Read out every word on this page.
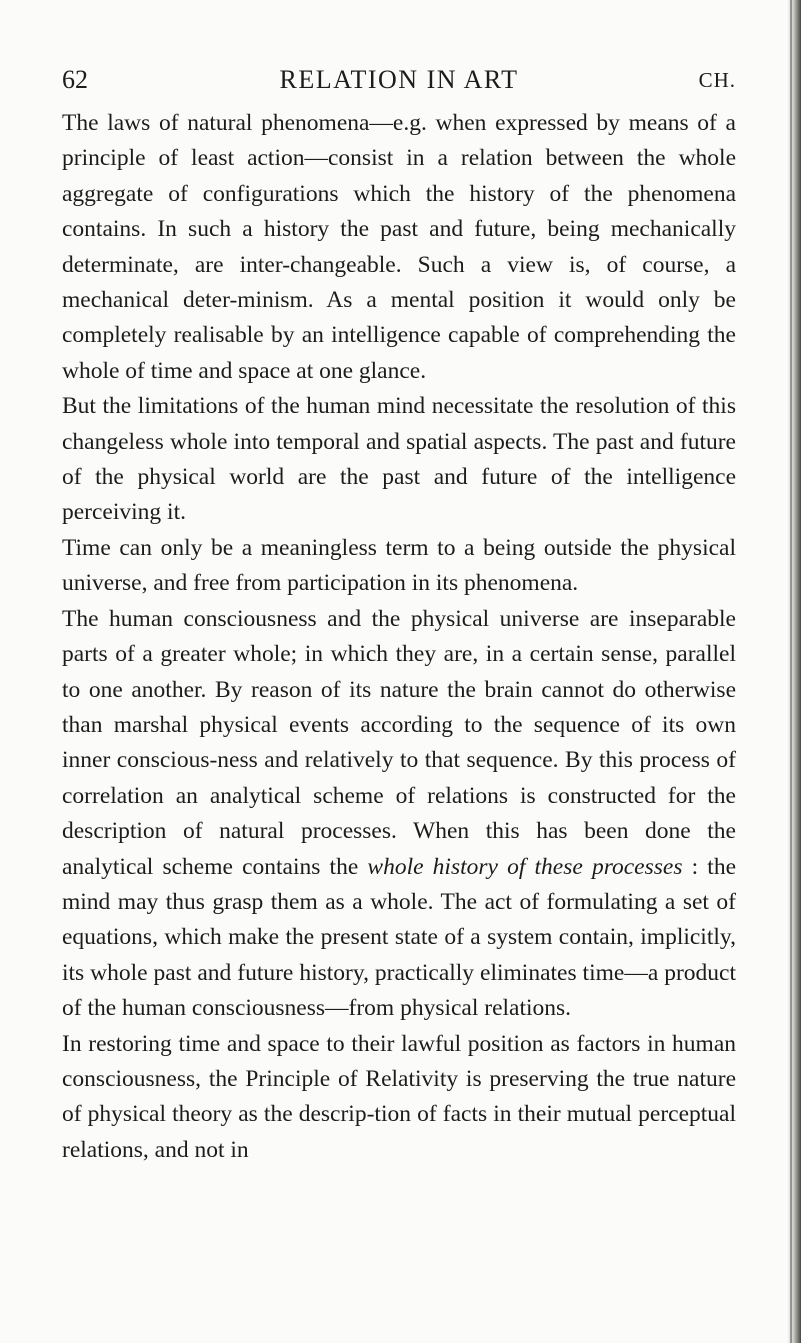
62	RELATION IN ART	CH.

The laws of natural phenomena—e.g. when expressed by means of a principle of least action—consist in a relation between the whole aggregate of configurations which the history of the phenomena contains. In such a history the past and future, being mechanically determinate, are inter-changeable. Such a view is, of course, a mechanical deter-minism. As a mental position it would only be completely realisable by an intelligence capable of comprehending the whole of time and space at one glance.

But the limitations of the human mind necessitate the resolution of this changeless whole into temporal and spatial aspects. The past and future of the physical world are the past and future of the intelligence perceiving it.

Time can only be a meaningless term to a being outside the physical universe, and free from participation in its phenomena.

The human consciousness and the physical universe are inseparable parts of a greater whole; in which they are, in a certain sense, parallel to one another. By reason of its nature the brain cannot do otherwise than marshal physical events according to the sequence of its own inner conscious-ness and relatively to that sequence. By this process of correlation an analytical scheme of relations is constructed for the description of natural processes. When this has been done the analytical scheme contains the whole history of these processes : the mind may thus grasp them as a whole. The act of formulating a set of equations, which make the present state of a system contain, implicitly, its whole past and future history, practically eliminates time—a product of the human consciousness—from physical relations.

In restoring time and space to their lawful position as factors in human consciousness, the Principle of Relativity is preserving the true nature of physical theory as the descrip-tion of facts in their mutual perceptual relations, and not in
